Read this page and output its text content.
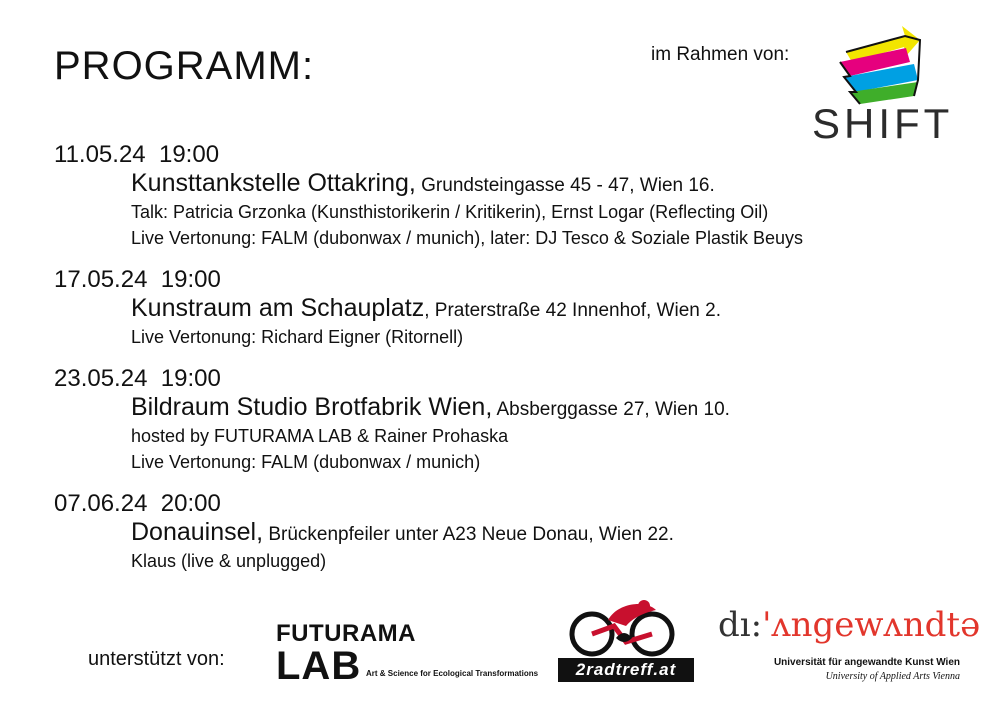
PROGRAMM:	im Rahmen von:
SHIFT
11.05.24 19:00
Kunsttankstelle Ottakring, Grundsteingasse 45 - 47, Wien 16.
Talk: Patricia Grzonka (Kunsthistorikerin / Kritikerin), Ernst Logar (Reflecting Oil)
Live Vertonung: FALM (dubonwax / munich), later: DJ Tesco & Soziale Plastik Beuys
17.05.24 19:00
Kunstraum am Schauplatz, Praterstraße 42 Innenhof, Wien 2.
Live Vertonung: Richard Eigner (Ritornell)
23.05.24 19:00
Bildraum Studio Brotfabrik Wien, Absberggasse 27, Wien 10.
hosted by FUTURAMA LAB & Rainer Prohaska
Live Vertonung: FALM (dubonwax / munich)
07.06.24 20:00
Donauinsel, Brückenpfeiler unter A23 Neue Donau, Wien 22.
Klaus (live & unplugged)
unterstützt von:
FUTURAMA
LAB Art & Science for Ecological Transformations	2radtreff.at
dı:'ʌngewʌndtə
Universität für angewandte Kunst Wien
University of Applied Arts Vienna
